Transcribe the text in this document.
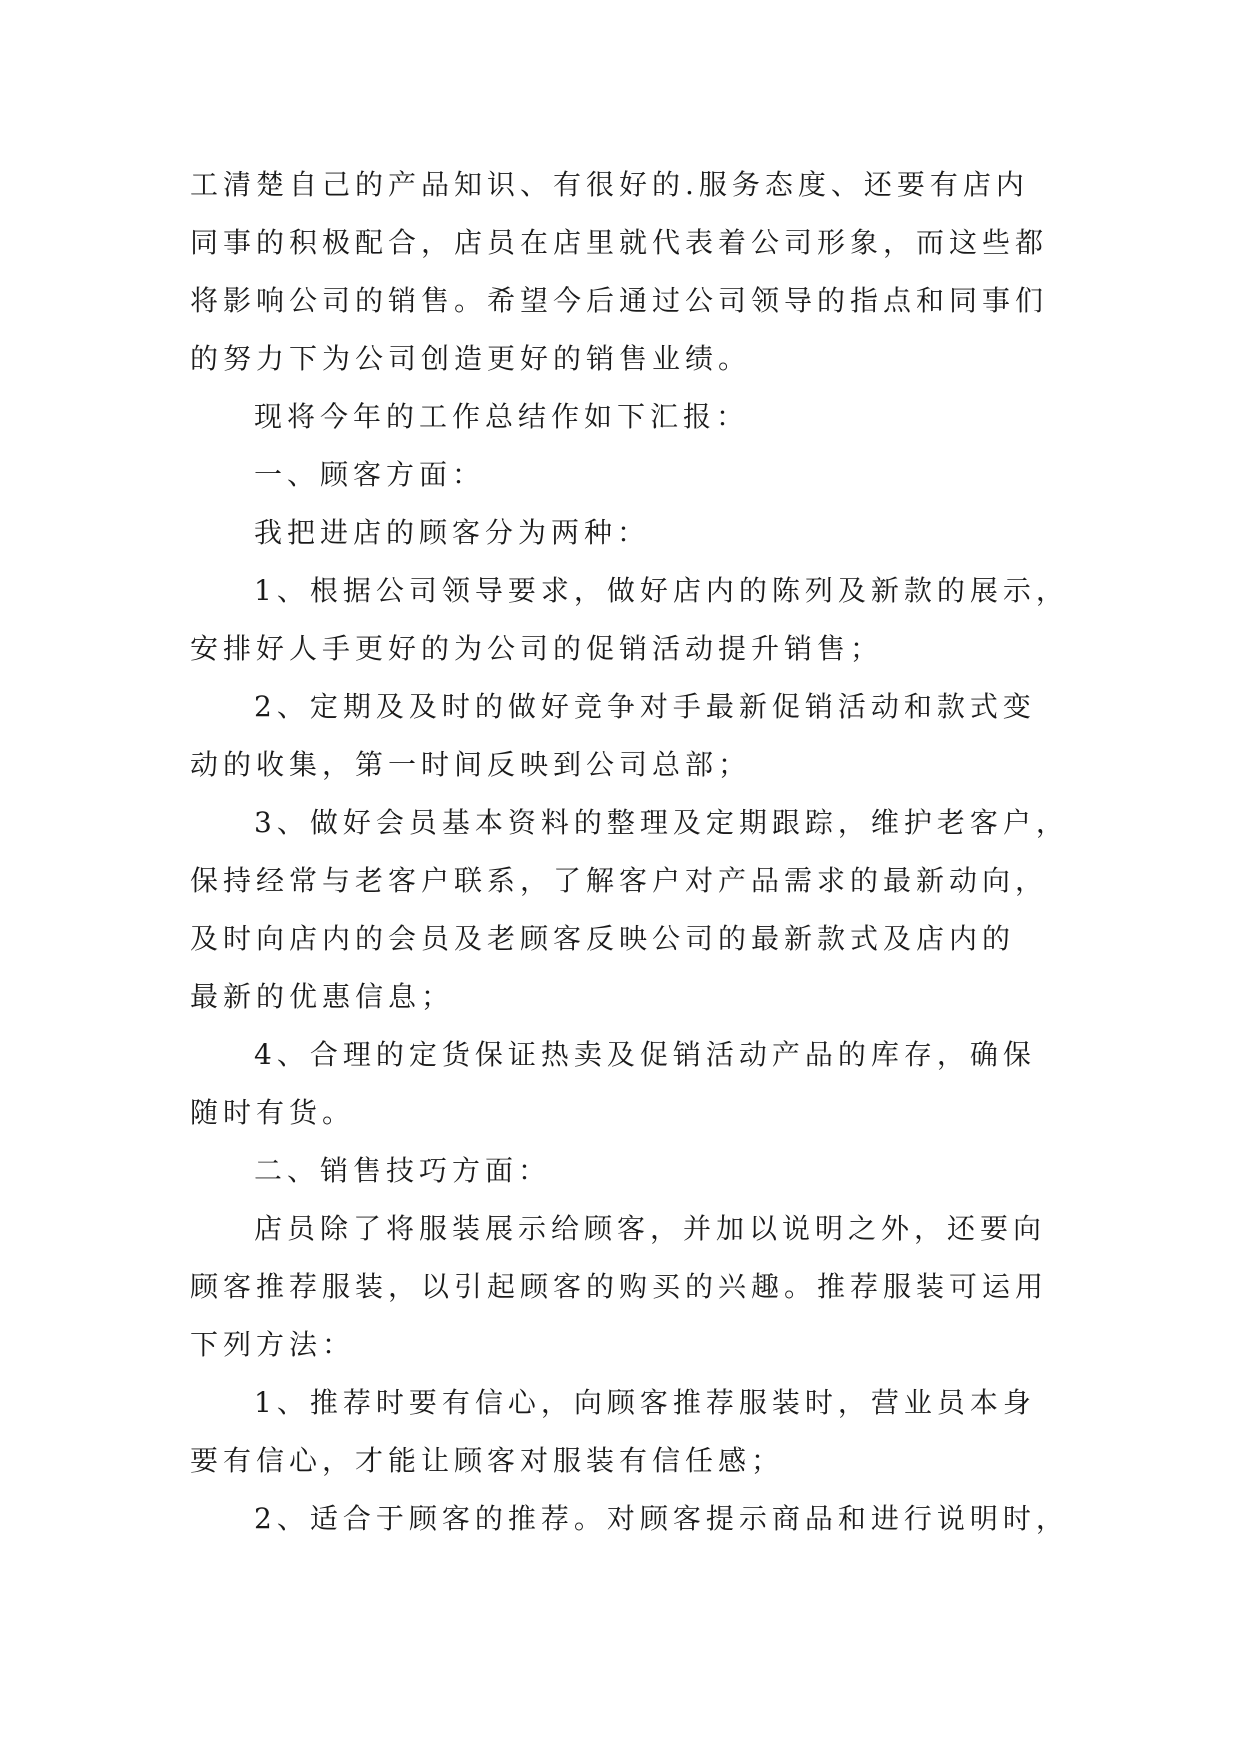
工清楚自己的产品知识、有很好的.服务态度、还要有店内
同事的积极配合，店员在店里就代表着公司形象，而这些都
将影响公司的销售。希望今后通过公司领导的指点和同事们
的努力下为公司创造更好的销售业绩。
现将今年的工作总结作如下汇报：
一、顾客方面：
我把进店的顾客分为两种：
1、根据公司领导要求，做好店内的陈列及新款的展示，
安排好人手更好的为公司的促销活动提升销售；
2、定期及及时的做好竞争对手最新促销活动和款式变
动的收集，第一时间反映到公司总部；
3、做好会员基本资料的整理及定期跟踪，维护老客户，
保持经常与老客户联系，了解客户对产品需求的最新动向，
及时向店内的会员及老顾客反映公司的最新款式及店内的
最新的优惠信息；
4、合理的定货保证热卖及促销活动产品的库存，确保
随时有货。
二、销售技巧方面：
店员除了将服装展示给顾客，并加以说明之外，还要向
顾客推荐服装，以引起顾客的购买的兴趣。推荐服装可运用
下列方法：
1、推荐时要有信心，向顾客推荐服装时，营业员本身
要有信心，才能让顾客对服装有信任感；
2、适合于顾客的推荐。对顾客提示商品和进行说明时，
